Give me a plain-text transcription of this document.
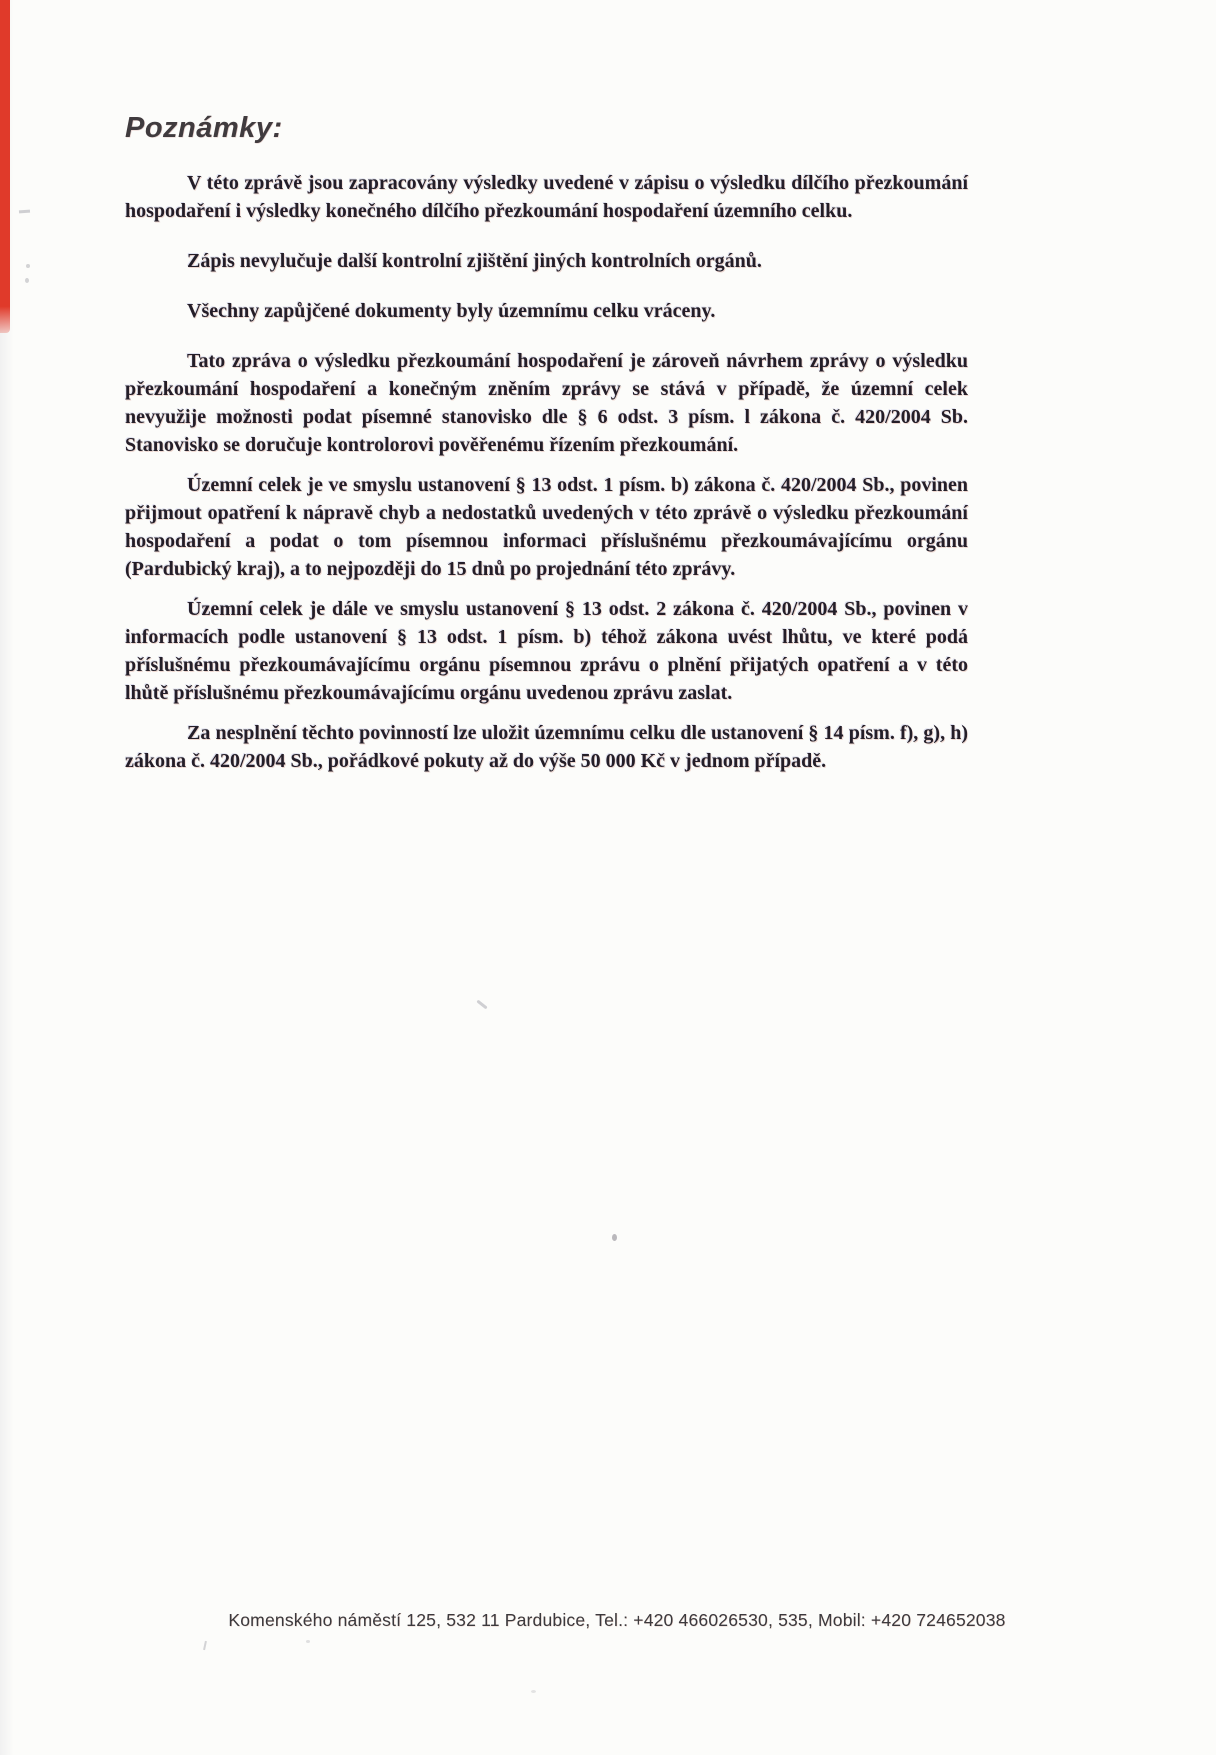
Poznámky:

V této zprávě jsou zapracovány výsledky uvedené v zápisu o výsledku dílčího přezkoumání hospodaření i výsledky konečného dílčího přezkoumání hospodaření územního celku.

Zápis nevylučuje další kontrolní zjištění jiných kontrolních orgánů.

Všechny zapůjčené dokumenty byly územnímu celku vráceny.

Tato zpráva o výsledku přezkoumání hospodaření je zároveň návrhem zprávy o výsledku přezkoumání hospodaření a konečným zněním zprávy se stává v případě, že územní celek nevyužije možnosti podat písemné stanovisko dle § 6 odst. 3 písm. l zákona č. 420/2004 Sb. Stanovisko se doručuje kontrolorovi pověřenému řízením přezkoumání.

Územní celek je ve smyslu ustanovení § 13 odst. 1 písm. b) zákona č. 420/2004 Sb., povinen přijmout opatření k nápravě chyb a nedostatků uvedených v této zprávě o výsledku přezkoumání hospodaření a podat o tom písemnou informaci příslušnému přezkoumávajícímu orgánu (Pardubický kraj), a to nejpozději do 15 dnů po projednání této zprávy.

Územní celek je dále ve smyslu ustanovení § 13 odst. 2 zákona č. 420/2004 Sb., povinen v informacích podle ustanovení § 13 odst. 1 písm. b) téhož zákona uvést lhůtu, ve které podá příslušnému přezkoumávajícímu orgánu písemnou zprávu o plnění přijatých opatření a v této lhůtě příslušnému přezkoumávajícímu orgánu uvedenou zprávu zaslat.

Za nesplnění těchto povinností lze uložit územnímu celku dle ustanovení § 14 písm. f), g), h) zákona č. 420/2004 Sb., pořádkové pokuty až do výše 50 000 Kč v jednom případě.

Komenského náměstí 125, 532 11 Pardubice, Tel.: +420 466026530, 535, Mobil: +420 724652038
